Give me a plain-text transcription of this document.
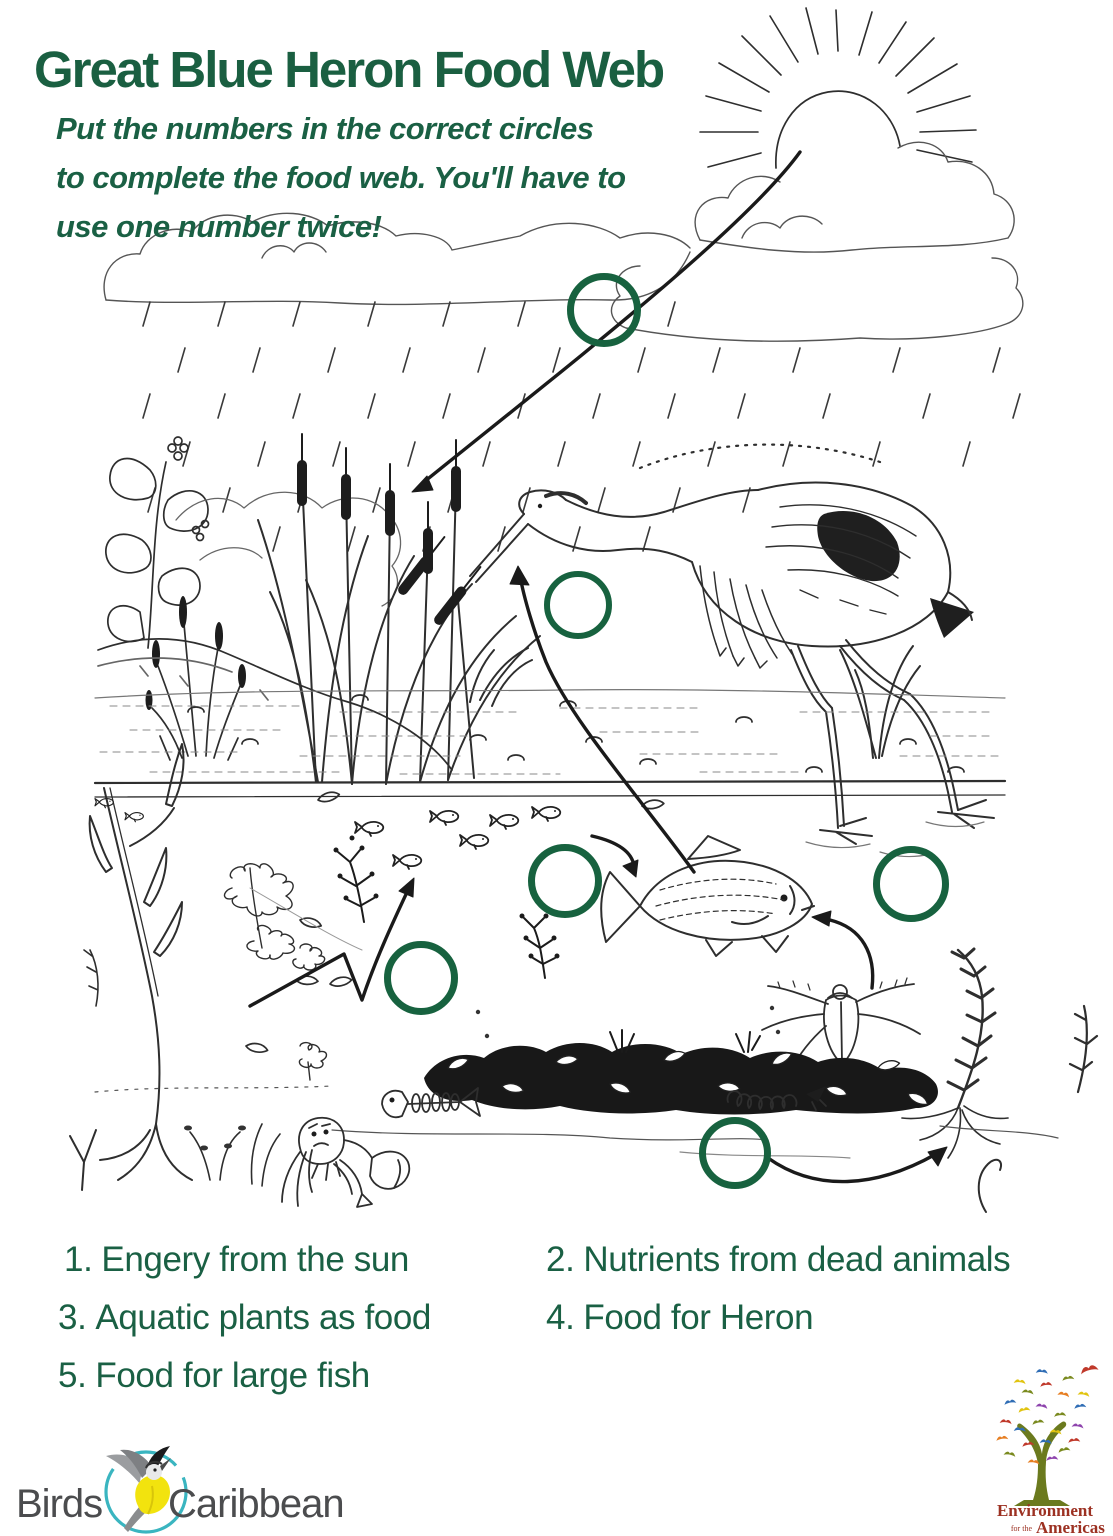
Great Blue Heron Food Web
Put the numbers in the correct circles
to complete the food web. You'll have to
use one number twice!
1. Engery from the sun	2. Nutrients from dead animals
3. Aquatic plants as food	4. Food for Heron
5. Food for large fish
Birds Caribbean	Environment
for the Americas
